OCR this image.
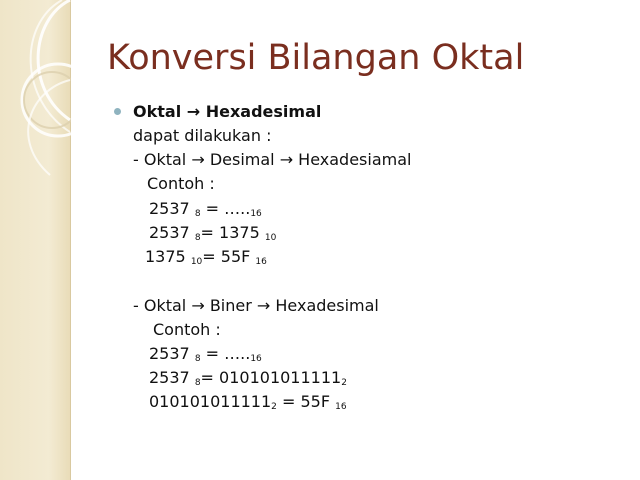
Konversi Bilangan Oktal
Oktal → Hexadesimal
dapat dilakukan :
- Oktal → Desimal → Hexadesiamal
Contoh :
2537 $_8 = \dots.._{16}$
2537 $_8$= 1375 $_{10}$
1375 $_{10}$= 55F $_{16}$
- Oktal → Biner → Hexadesimal
Contoh :
2537 $_8 = \dots.._{16}$
2537 $_8= 010101011111_2$
$010101011111_2 = 55F$ $_{16}$
